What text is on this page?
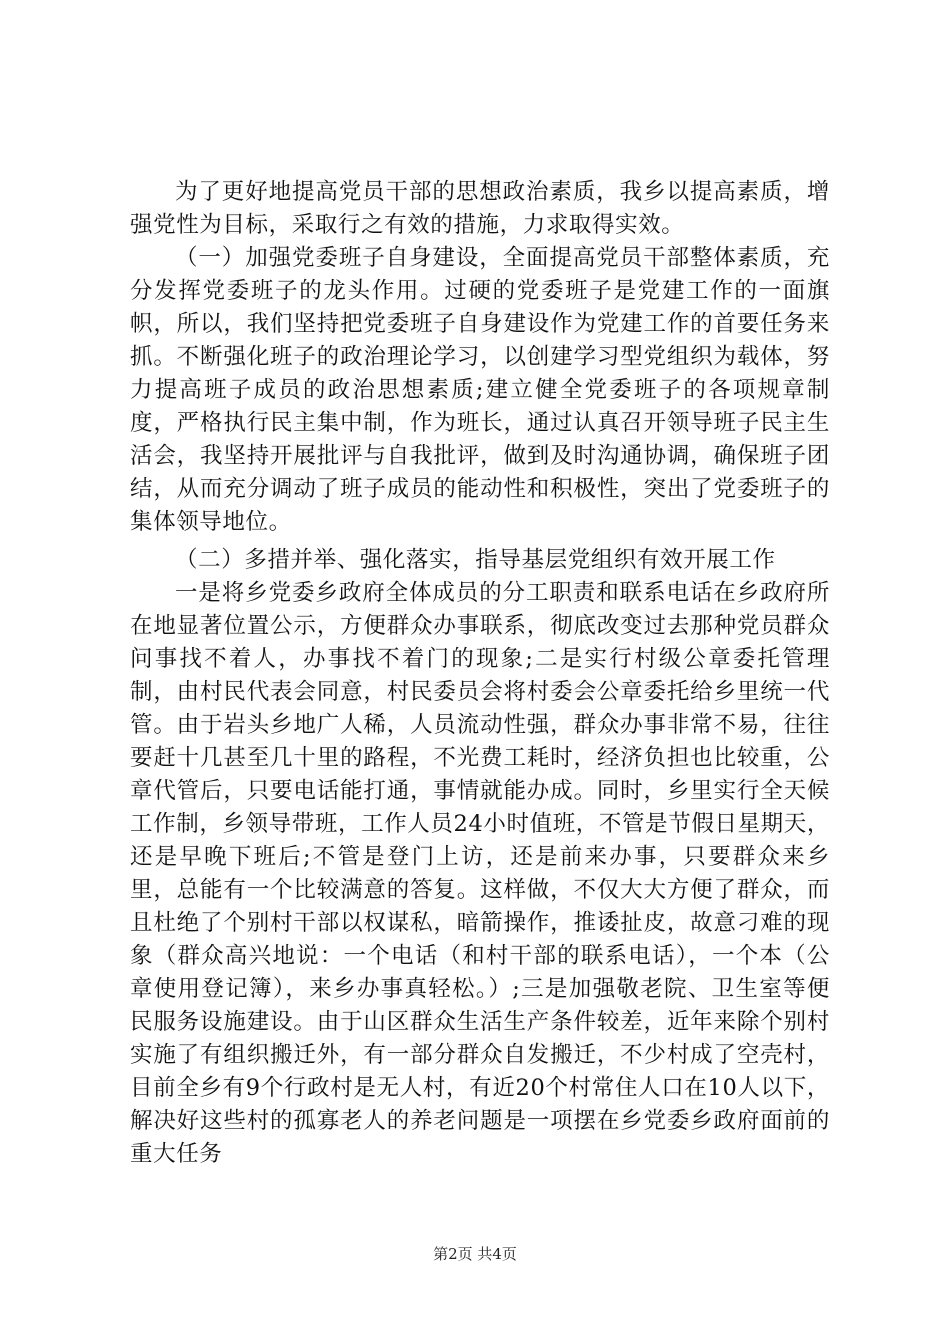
为了更好地提高党员干部的思想政治素质，我乡以提高素质，增强党性为目标，采取行之有效的措施，力求取得实效。

（一）加强党委班子自身建设，全面提高党员干部整体素质，充分发挥党委班子的龙头作用。过硬的党委班子是党建工作的一面旗帜，所以，我们坚持把党委班子自身建设作为党建工作的首要任务来抓。不断强化班子的政治理论学习，以创建学习型党组织为载体，努力提高班子成员的政治思想素质;建立健全党委班子的各项规章制度，严格执行民主集中制，作为班长，通过认真召开领导班子民主生活会，我坚持开展批评与自我批评，做到及时沟通协调，确保班子团结，从而充分调动了班子成员的能动性和积极性，突出了党委班子的集体领导地位。

（二）多措并举、强化落实，指导基层党组织有效开展工作

一是将乡党委乡政府全体成员的分工职责和联系电话在乡政府所在地显著位置公示，方便群众办事联系，彻底改变过去那种党员群众问事找不着人，办事找不着门的现象;二是实行村级公章委托管理制，由村民代表会同意，村民委员会将村委会公章委托给乡里统一代管。由于岩头乡地广人稀，人员流动性强，群众办事非常不易，往往要赶十几甚至几十里的路程，不光费工耗时，经济负担也比较重，公章代管后，只要电话能打通，事情就能办成。同时，乡里实行全天候工作制，乡领导带班，工作人员24小时值班，不管是节假日星期天，还是早晚下班后;不管是登门上访，还是前来办事，只要群众来乡里，总能有一个比较满意的答复。这样做，不仅大大方便了群众，而且杜绝了个别村干部以权谋私，暗箭操作，推诿扯皮，故意刁难的现象（群众高兴地说：一个电话（和村干部的联系电话），一个本（公章使用登记簿），来乡办事真轻松。）;三是加强敬老院、卫生室等便民服务设施建设。由于山区群众生活生产条件较差，近年来除个别村实施了有组织搬迁外，有一部分群众自发搬迁，不少村成了空壳村，目前全乡有9个行政村是无人村，有近20个村常住人口在10人以下，解决好这些村的孤寡老人的养老问题是一项摆在乡党委乡政府面前的重大任务

第2页 共4页
